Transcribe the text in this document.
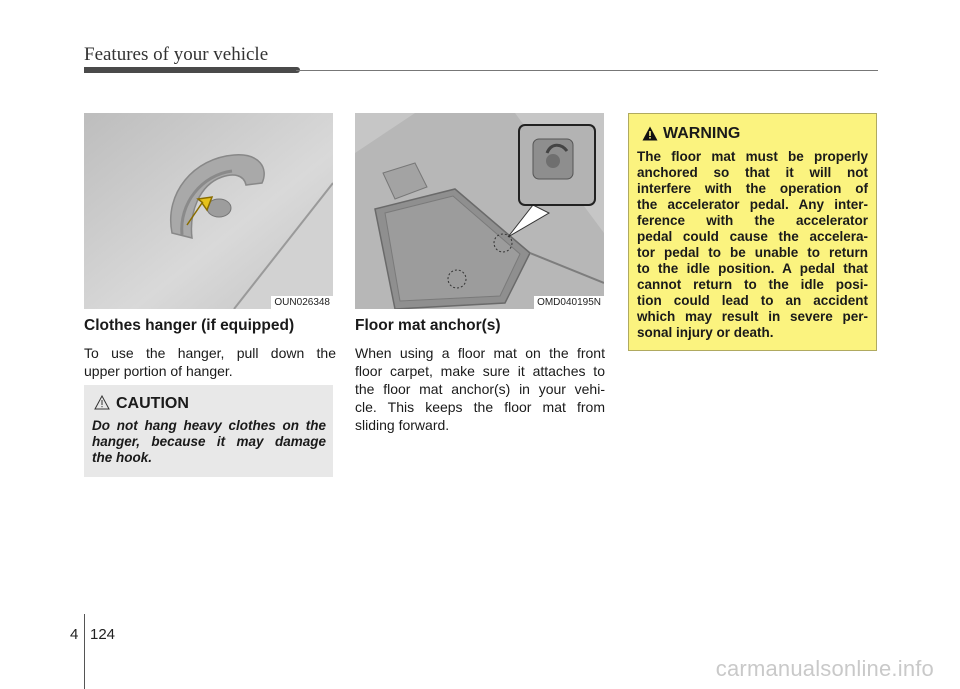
Features of your vehicle
OUN026348	OMD040195N
Clothes hanger (if equipped)

To use the hanger, pull down the

upper portion of hanger.

CAUTION
Do not hang heavy clothes on the
hanger, because it may damage
the hook.
Floor mat anchor(s)

When using a floor mat on the front

floor carpet, make sure it attaches to

the floor mat anchor(s) in your vehi-

cle. This keeps the floor mat from

sliding forward.

WARNING
The floor mat must be properly
anchored so that it will not
interfere with the operation of
the accelerator pedal. Any inter-
ference with the accelerator
pedal could cause the accelera-
tor pedal to be unable to return
to the idle position. A pedal that
cannot return to the idle posi-
tion could lead to an accident
which may result in severe per-
sonal injury or death.
4 124
carmanualsonline.info
